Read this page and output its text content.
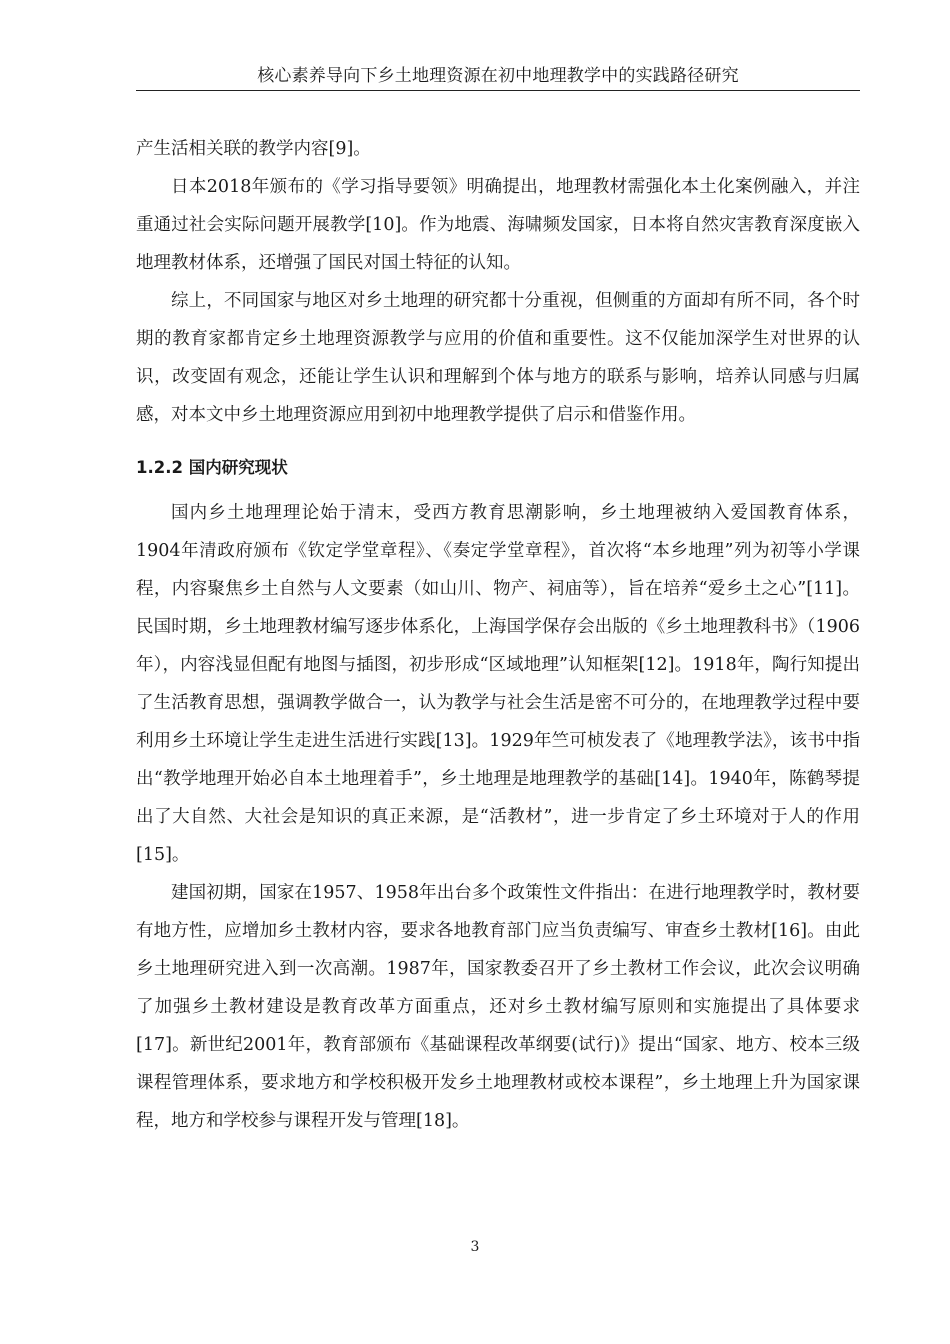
核心素养导向下乡土地理资源在初中地理教学中的实践路径研究

产生活相关联的教学内容[9]。

日本2018年颁布的《学习指导要领》明确提出，地理教材需强化本土化案例融入，并注重通过社会实际问题开展教学[10]。作为地震、海啸频发国家，日本将自然灾害教育深度嵌入地理教材体系，还增强了国民对国土特征的认知。

综上，不同国家与地区对乡土地理的研究都十分重视，但侧重的方面却有所不同，各个时期的教育家都肯定乡土地理资源教学与应用的价值和重要性。这不仅能加深学生对世界的认识，改变固有观念，还能让学生认识和理解到个体与地方的联系与影响，培养认同感与归属感，对本文中乡土地理资源应用到初中地理教学提供了启示和借鉴作用。

1.2.2 国内研究现状

国内乡土地理理论始于清末，受西方教育思潮影响，乡土地理被纳入爱国教育体系，1904年清政府颁布《钦定学堂章程》、《奏定学堂章程》，首次将“本乡地理”列为初等小学课程，内容聚焦乡土自然与人文要素（如山川、物产、祠庙等），旨在培养“爱乡土之心”[11]。民国时期，乡土地理教材编写逐步体系化，上海国学保存会出版的《乡土地理教科书》（1906年），内容浅显但配有地图与插图，初步形成“区域地理”认知框架[12]。1918年，陶行知提出了生活教育思想，强调教学做合一，认为教学与社会生活是密不可分的，在地理教学过程中要利用乡土环境让学生走进生活进行实践[13]。1929年竺可桢发表了《地理教学法》，该书中指出“教学地理开始必自本土地理着手”，乡土地理是地理教学的基础[14]。1940年，陈鹤琴提出了大自然、大社会是知识的真正来源，是“活教材”，进一步肯定了乡土环境对于人的作用[15]。

建国初期，国家在1957、1958年出台多个政策性文件指出：在进行地理教学时，教材要有地方性，应增加乡土教材内容，要求各地教育部门应当负责编写、审查乡土教材[16]。由此乡土地理研究进入到一次高潮。1987年，国家教委召开了乡土教材工作会议，此次会议明确了加强乡土教材建设是教育改革方面重点，还对乡土教材编写原则和实施提出了具体要求[17]。新世纪2001年，教育部颁布《基础课程改革纲要(试行)》提出“国家、地方、校本三级课程管理体系，要求地方和学校积极开发乡土地理教材或校本课程”，乡土地理上升为国家课程，地方和学校参与课程开发与管理[18]。

3
